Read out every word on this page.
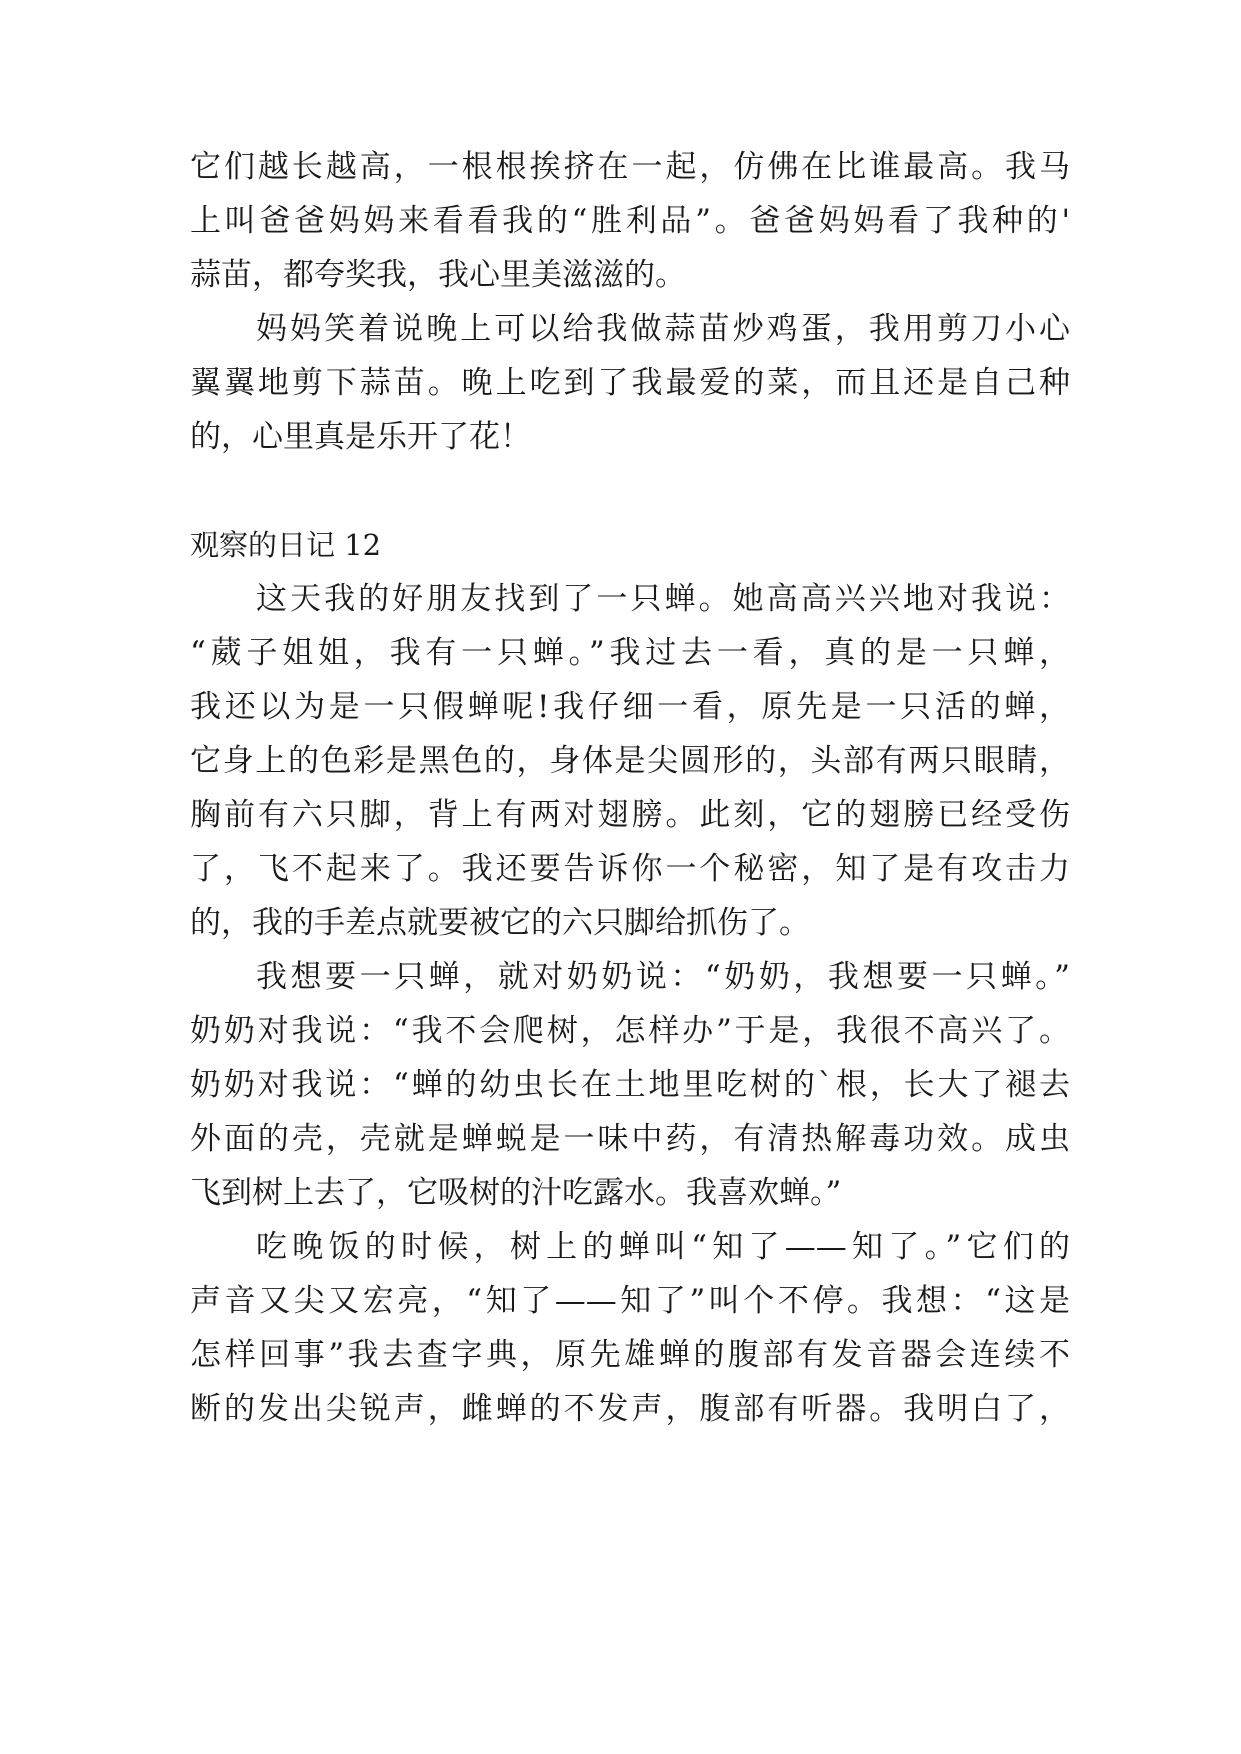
它们越长越高，一根根挨挤在一起，仿佛在比谁最高。我马
上叫爸爸妈妈来看看我的“胜利品”。爸爸妈妈看了我种的'
蒜苗，都夸奖我，我心里美滋滋的。
妈妈笑着说晚上可以给我做蒜苗炒鸡蛋，我用剪刀小心
翼翼地剪下蒜苗。晚上吃到了我最爱的菜，而且还是自己种
的，心里真是乐开了花！
观察的日记 12
这天我的好朋友找到了一只蝉。她高高兴兴地对我说：
“葳子姐姐，我有一只蝉。”我过去一看，真的是一只蝉，
我还以为是一只假蝉呢!我仔细一看，原先是一只活的蝉，
它身上的色彩是黑色的，身体是尖圆形的，头部有两只眼睛，
胸前有六只脚，背上有两对翅膀。此刻，它的翅膀已经受伤
了，飞不起来了。我还要告诉你一个秘密，知了是有攻击力
的，我的手差点就要被它的六只脚给抓伤了。
我想要一只蝉，就对奶奶说：“奶奶，我想要一只蝉。”
奶奶对我说：“我不会爬树，怎样办”于是，我很不高兴了。
奶奶对我说：“蝉的幼虫长在土地里吃树的`根，长大了褪去
外面的壳，壳就是蝉蜕是一味中药，有清热解毒功效。成虫
飞到树上去了，它吸树的汁吃露水。我喜欢蝉。”
吃晚饭的时候，树上的蝉叫“知了——知了。”它们的
声音又尖又宏亮，“知了——知了”叫个不停。我想：“这是
怎样回事”我去查字典，原先雄蝉的腹部有发音器会连续不
断的发出尖锐声，雌蝉的不发声，腹部有听器。我明白了，
